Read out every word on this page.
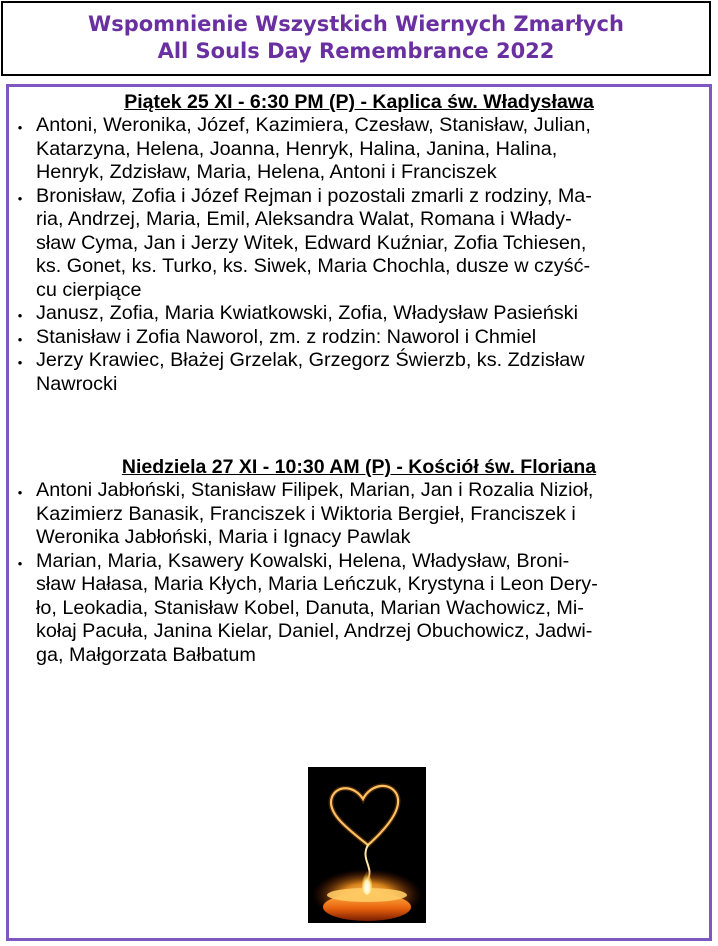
Wspomnienie Wszystkich Wiernych Zmarłych
All Souls Day Remembrance 2022
Piątek 25 XI - 6:30 PM (P) - Kaplica św. Władysława
• Antoni, Weronika, Józef, Kazimiera, Czesław, Stanisław, Julian,
Katarzyna, Helena, Joanna, Henryk, Halina, Janina, Halina,
Henryk, Zdzisław, Maria, Helena, Antoni i Franciszek
• Bronisław, Zofia i Józef Rejman i pozostali zmarli z rodziny, Ma-
ria, Andrzej, Maria, Emil, Aleksandra Walat, Romana i Włady-
sław Cyma, Jan i Jerzy Witek, Edward Kuźniar, Zofia Tchiesen,
ks. Gonet, ks. Turko, ks. Siwek, Maria Chochla, dusze w czyść-
cu cierpiące
• Janusz, Zofia, Maria Kwiatkowski, Zofia, Władysław Pasieński
• Stanisław i Zofia Naworol, zm. z rodzin: Naworol i Chmiel
• Jerzy Krawiec, Błażej Grzelak, Grzegorz Świerzb, ks. Zdzisław
Nawrocki
Niedziela 27 XI - 10:30 AM (P) - Kościół św. Floriana
• Antoni Jabłoński, Stanisław Filipek, Marian, Jan i Rozalia Nizioł,
Kazimierz Banasik, Franciszek i Wiktoria Bergieł, Franciszek i
Weronika Jabłoński, Maria i Ignacy Pawlak
• Marian, Maria, Ksawery Kowalski, Helena, Władysław, Broni-
sław Hałasa, Maria Kłych, Maria Leńczuk, Krystyna i Leon Dery-
ło, Leokadia, Stanisław Kobel, Danuta, Marian Wachowicz, Mi-
kołaj Pacuła, Janina Kielar, Daniel, Andrzej Obuchowicz, Jadwi-
ga, Małgorzata Bałbatum
